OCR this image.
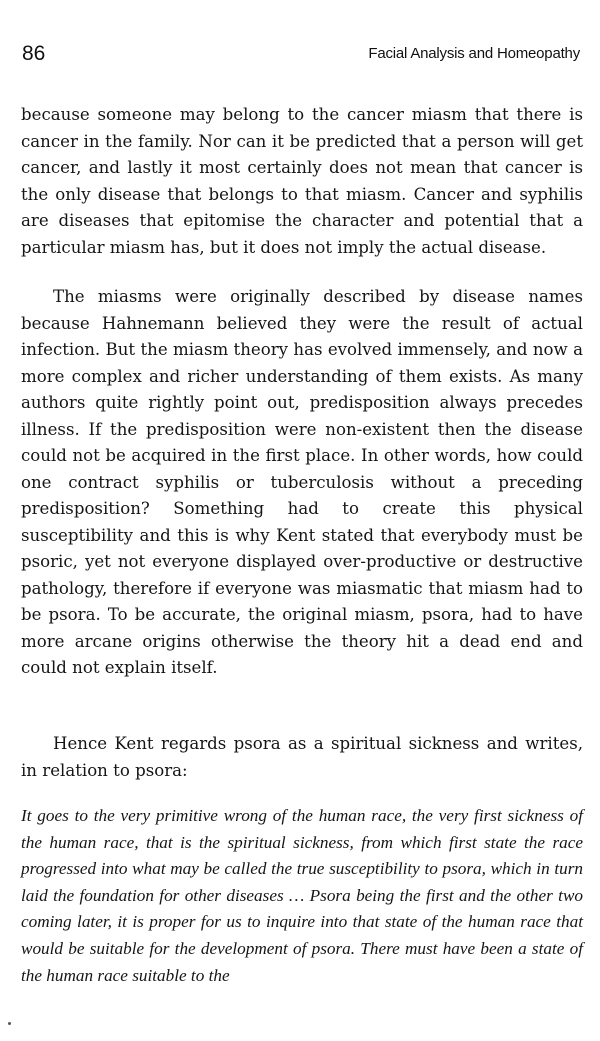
86	Facial Analysis and Homeopathy

because someone may belong to the cancer miasm that there is cancer in the family. Nor can it be predicted that a person will get cancer, and lastly it most certainly does not mean that cancer is the only disease that belongs to that miasm. Cancer and syphilis are diseases that epitomise the character and potential that a particular miasm has, but it does not imply the actual disease.

The miasms were originally described by disease names because Hahnemann believed they were the result of actual infection. But the miasm theory has evolved immensely, and now a more complex and richer understanding of them exists. As many authors quite rightly point out, predisposition always precedes illness. If the predisposition were non-existent then the disease could not be acquired in the first place. In other words, how could one contract syphilis or tuberculosis without a preceding predisposition? Something had to create this physical susceptibility and this is why Kent stated that everybody must be psoric, yet not everyone displayed over-productive or destructive pathology, therefore if everyone was miasmatic that miasm had to be psora. To be accurate, the original miasm, psora, had to have more arcane origins otherwise the theory hit a dead end and could not explain itself.

Hence Kent regards psora as a spiritual sickness and writes, in relation to psora:

It goes to the very primitive wrong of the human race, the very first sickness of the human race, that is the spiritual sickness, from which first state the race progressed into what may be called the true susceptibility to psora, which in turn laid the foundation for other diseases … Psora being the first and the other two coming later, it is proper for us to inquire into that state of the human race that would be suitable for the development of psora. There must have been a state of the human race suitable to the
